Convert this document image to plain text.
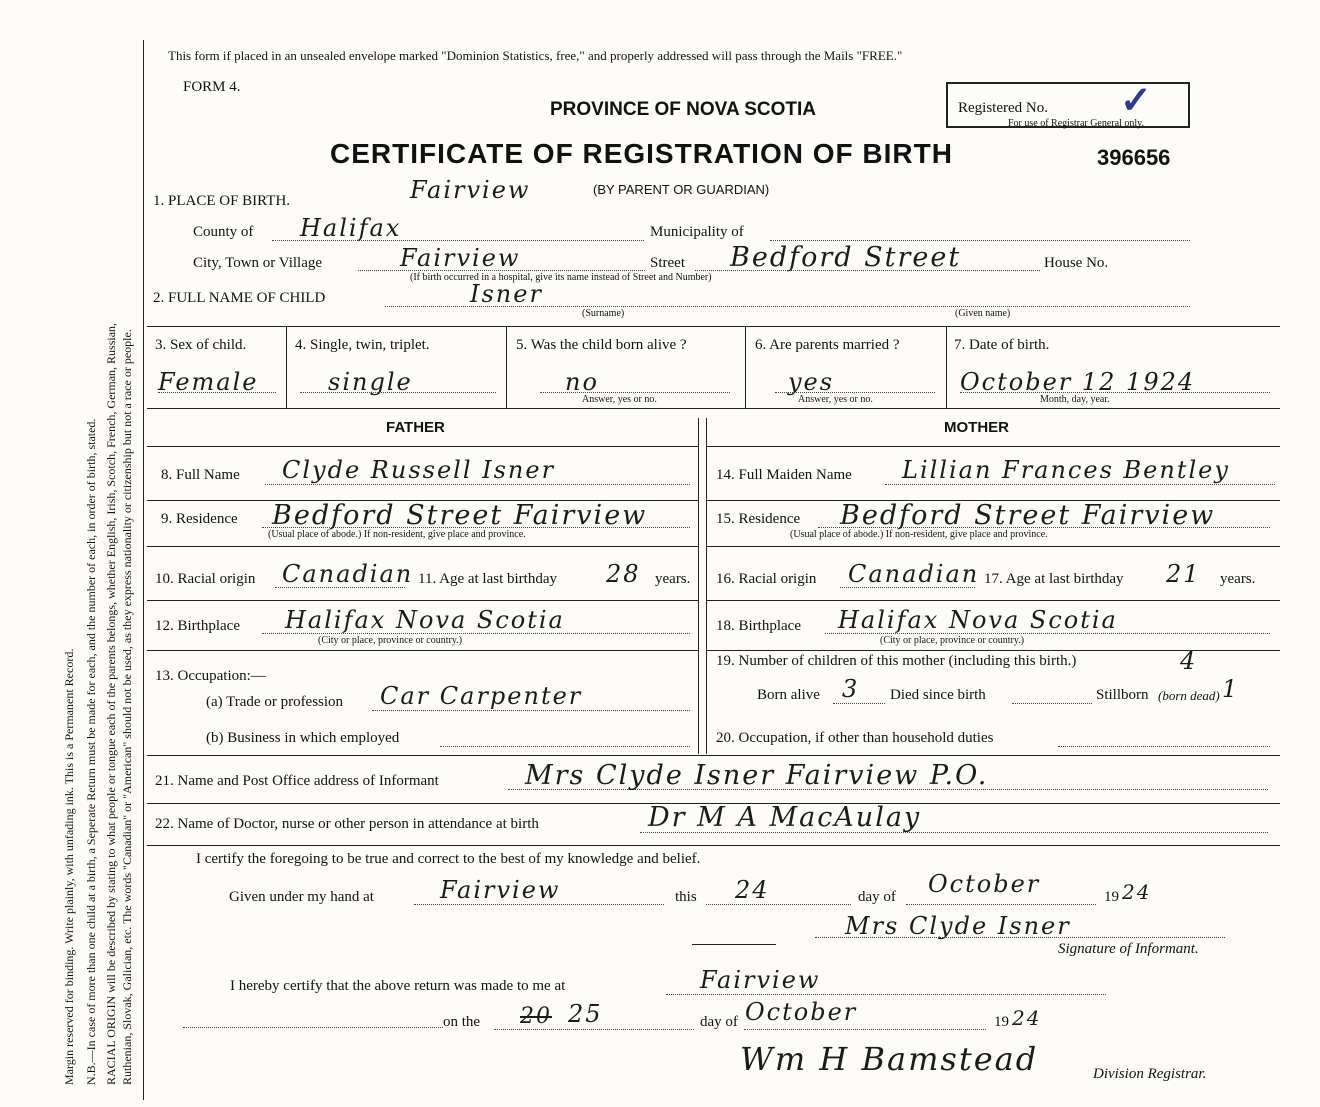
Margin reserved for binding. Write plainly, with unfading ink. This is a Permanent Record. N.B.—In case of more than one child at a birth, a Seperate Return must be made for each, and the number of each, in order of birth, stated. RACIAL ORIGIN will be described by stating to what people or tongue each of the parents belongs, whether English, Irish, Scotch, French, German, Russian, Ruthenian, Slovak, Galician, etc. The words "Canadian" or "American" should not be used, as they express nationality or citizenship but not a race or people.
This form if placed in an unsealed envelope marked "Dominion Statistics, free," and properly addressed will pass through the Mails "FREE."
FORM 4.
PROVINCE OF NOVA SCOTIA	Registered No.
For use of Registrar General only.
✓
CERTIFICATE OF REGISTRATION OF BIRTH	396656
(BY PARENT OR GUARDIAN)
1. PLACE OF BIRTH.	Fairview
County of Halifax	Municipality of
City, Town or Village	Fairview
(If birth occurred in a hospital, give its name instead of Street and Number)
Street Bedford Street	House No.
2. FULL NAME OF CHILD	Isner
(Surname)	(Given name)
3. Sex of child.
Female
4. Single, twin, triplet.
single
5. Was the child born alive ?
no
Answer, yes or no.
6. Are parents married ?
yes
Answer, yes or no.
7. Date of birth.
October 12 1924
Month, day, year.
FATHER	MOTHER
8. Full Name Clyde Russell Isner
9. Residence Bedford Street Fairview
(Usual place of abode.) If non-resident, give place and province.
10. Racial origin Canadian 11. Age at last birthday 28 years.
12. Birthplace Halifax Nova Scotia
(City or place, province or country.)
13. Occupation:—
(a) Trade or profession Car Carpenter
(b) Business in which employed
14. Full Maiden Name Lillian Frances Bentley
15. Residence Bedford Street Fairview
(Usual place of abode.) If non-resident, give place and province.
16. Racial origin Canadian 17. Age at last birthday 21 years.
18. Birthplace Halifax Nova Scotia
(City or place, province or country.)
19. Number of children of this mother (including this birth.)	4
Born alive 3 Died since birth	Stillborn (born dead) 1
20. Occupation, if other than household duties
21. Name and Post Office address of Informant	Mrs Clyde Isner Fairview P.O.
22. Name of Doctor, nurse or other person in attendance at birth	Dr M A MacAulay
I certify the foregoing to be true and correct to the best of my knowledge and belief.
Given under my hand at	Fairview	this 24	day of October	19 24
Mrs Clyde Isner
Signature of Informant.
I hereby certify that the above return was made to me at	Fairview
on the 20 25	day of October	19 24
Wm H Bamstead	Division Registrar.
